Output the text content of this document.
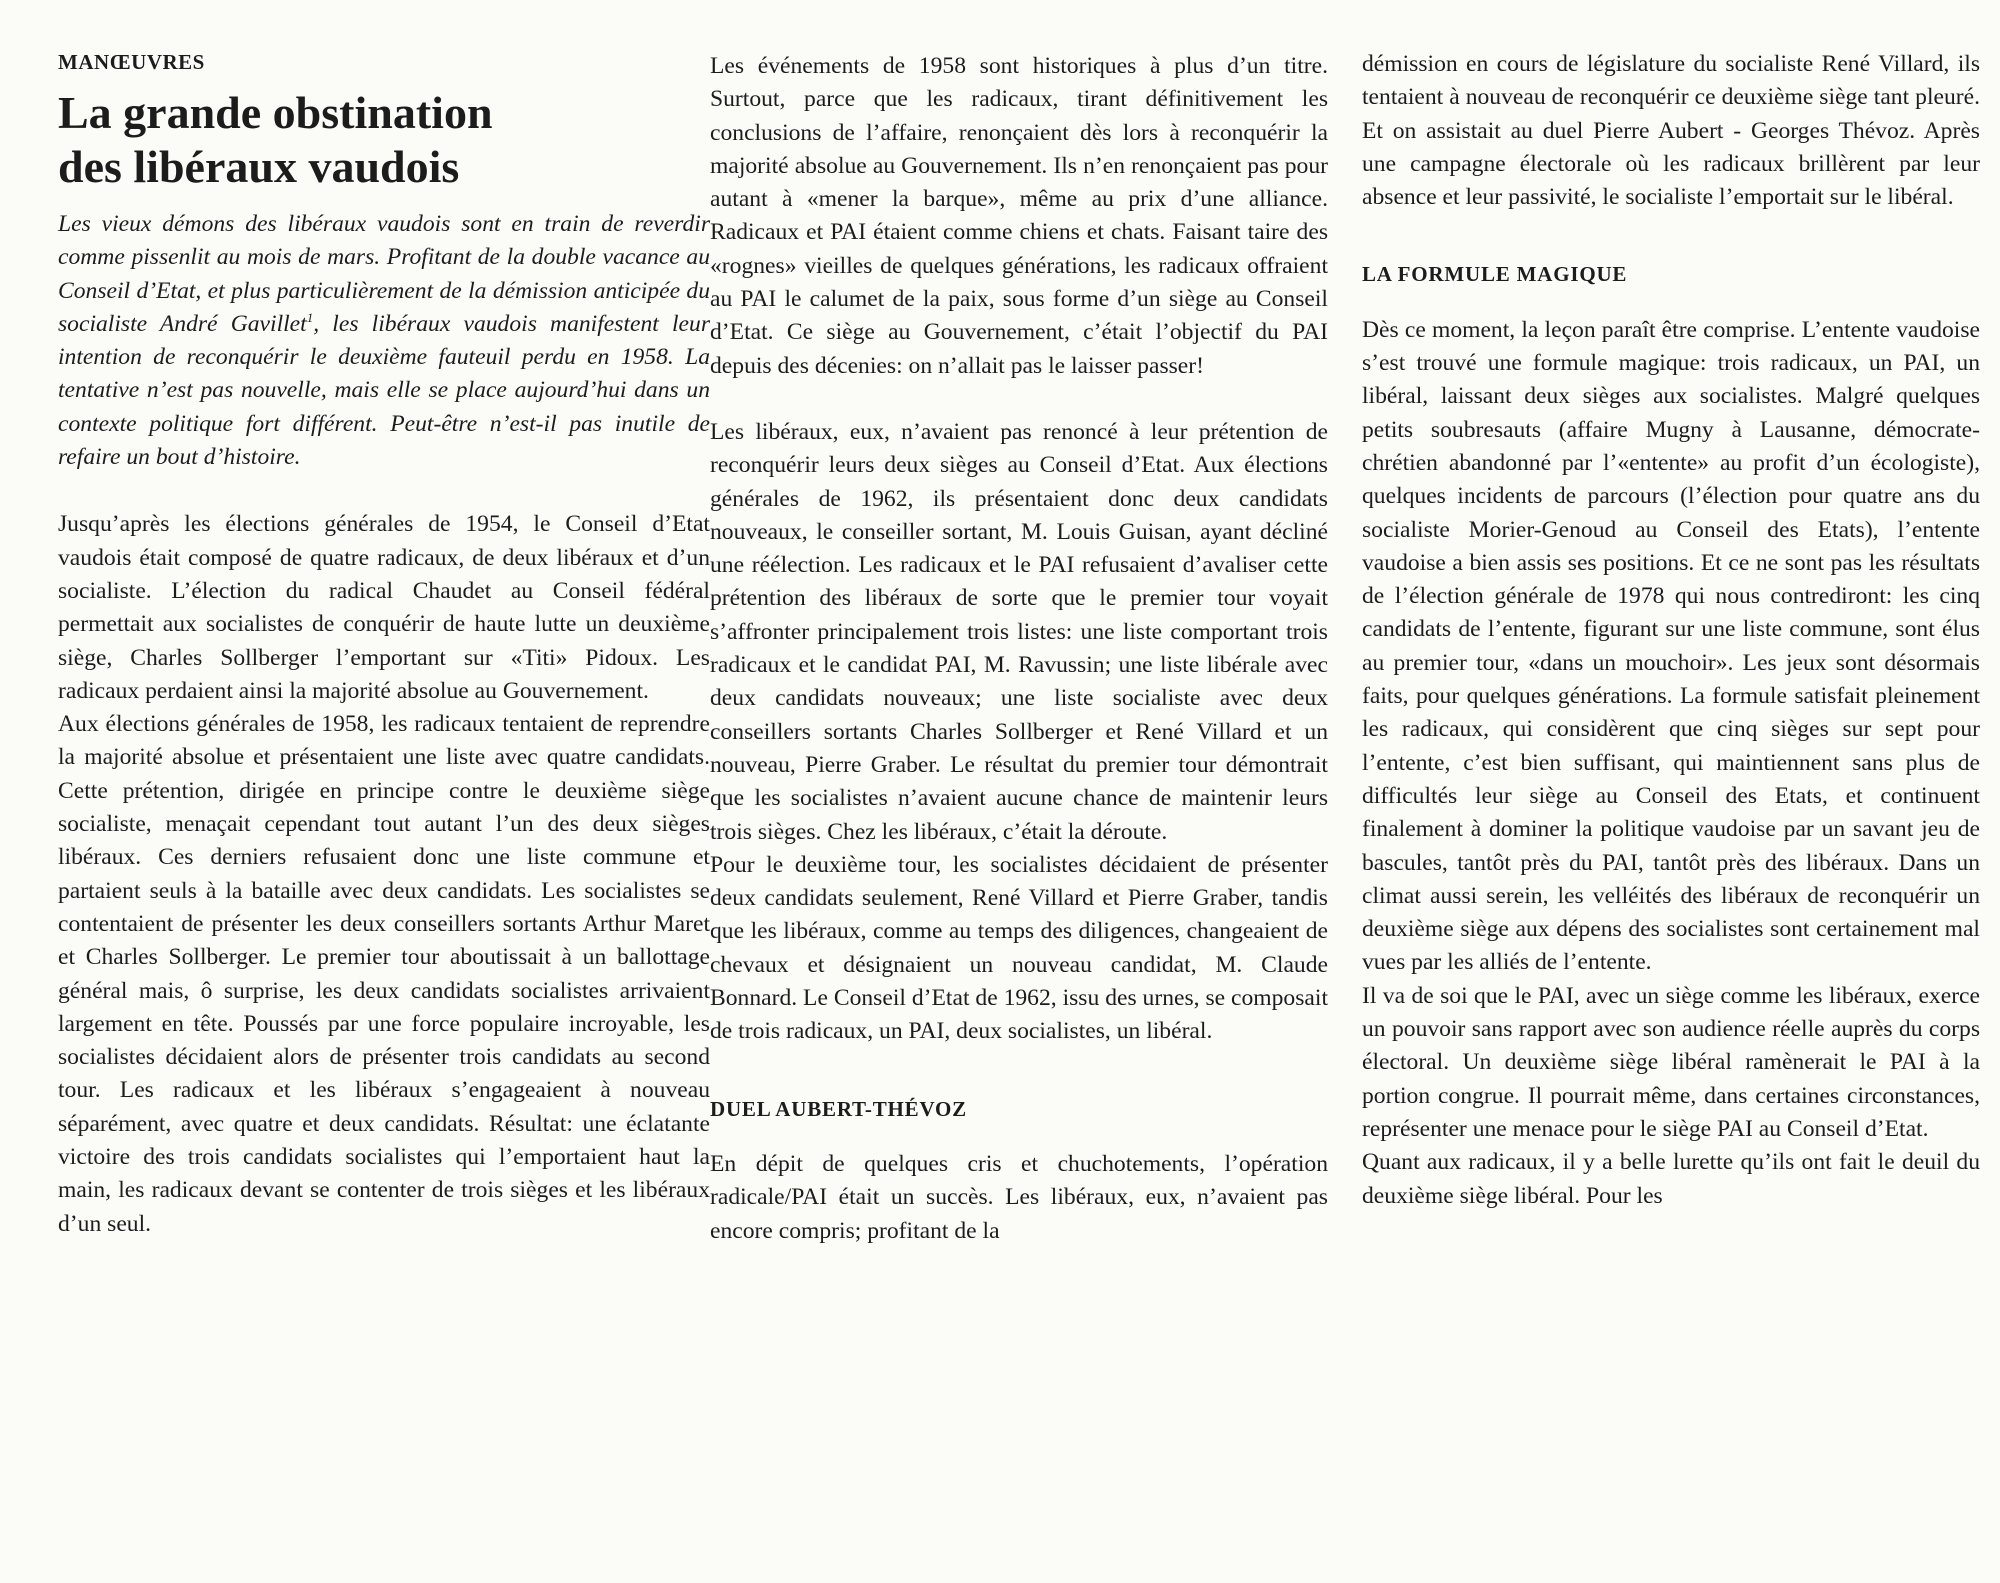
MANŒUVRES
La grande obstination
des libéraux vaudois

Les vieux démons des libéraux vaudois sont en train de reverdir comme pissenlit au mois de mars. Profitant de la double vacance au Conseil d’Etat, et plus particulièrement de la démission anticipée du socialiste André Gavillet$^1$, les libéraux vaudois manifestent leur intention de reconquérir le deuxième fauteuil perdu en 1958. La tentative n’est pas nouvelle, mais elle se place aujourd’hui dans un contexte politique fort différent. Peut-être n’est-il pas inutile de refaire un bout d’histoire.

Jusqu’après les élections générales de 1954, le Conseil d’Etat vaudois était composé de quatre radicaux, de deux libéraux et d’un socialiste. L’élection du radical Chaudet au Conseil fédéral permettait aux socialistes de conquérir de haute lutte un deuxième siège, Charles Sollberger l’emportant sur «Titi» Pidoux. Les radicaux perdaient ainsi la majorité absolue au Gouvernement.

Aux élections générales de 1958, les radicaux tentaient de reprendre la majorité absolue et présentaient une liste avec quatre candidats. Cette prétention, dirigée en principe contre le deuxième siège socialiste, menaçait cependant tout autant l’un des deux sièges libéraux. Ces derniers refusaient donc une liste commune et partaient seuls à la bataille avec deux candidats. Les socialistes se contentaient de présenter les deux conseillers sortants Arthur Maret et Charles Sollberger. Le premier tour aboutissait à un ballottage général mais, ô surprise, les deux candidats socialistes arrivaient largement en tête. Poussés par une force populaire incroyable, les socialistes décidaient alors de présenter trois candidats au second tour. Les radicaux et les libéraux s’engageaient à nouveau séparément, avec quatre et deux candidats. Résultat: une éclatante victoire des trois candidats socialistes qui l’emportaient haut la main, les radicaux devant se contenter de trois sièges et les libéraux d’un seul.

Les événements de 1958 sont historiques à plus d’un titre. Surtout, parce que les radicaux, tirant définitivement les conclusions de l’affaire, renonçaient dès lors à reconquérir la majorité absolue au Gouvernement. Ils n’en renonçaient pas pour autant à «mener la barque», même au prix d’une alliance. Radicaux et PAI étaient comme chiens et chats. Faisant taire des «rognes» vieilles de quelques générations, les radicaux offraient au PAI le calumet de la paix, sous forme d’un siège au Conseil d’Etat. Ce siège au Gouvernement, c’était l’objectif du PAI depuis des décenies: on n’allait pas le laisser passer!

Les libéraux, eux, n’avaient pas renoncé à leur prétention de reconquérir leurs deux sièges au Conseil d’Etat. Aux élections générales de 1962, ils présentaient donc deux candidats nouveaux, le conseiller sortant, M. Louis Guisan, ayant décliné une réélection. Les radicaux et le PAI refusaient d’avaliser cette prétention des libéraux de sorte que le premier tour voyait s’affronter principalement trois listes: une liste comportant trois radicaux et le candidat PAI, M. Ravussin; une liste libérale avec deux candidats nouveaux; une liste socialiste avec deux conseillers sortants Charles Sollberger et René Villard et un nouveau, Pierre Graber. Le résultat du premier tour démontrait que les socialistes n’avaient aucune chance de maintenir leurs trois sièges. Chez les libéraux, c’était la déroute.

Pour le deuxième tour, les socialistes décidaient de présenter deux candidats seulement, René Villard et Pierre Graber, tandis que les libéraux, comme au temps des diligences, changeaient de chevaux et désignaient un nouveau candidat, M. Claude Bonnard. Le Conseil d’Etat de 1962, issu des urnes, se composait de trois radicaux, un PAI, deux socialistes, un libéral.

DUEL AUBERT-THÉVOZ

En dépit de quelques cris et chuchotements, l’opération radicale/PAI était un succès. Les libéraux, eux, n’avaient pas encore compris; profitant de la

démission en cours de législature du socialiste René Villard, ils tentaient à nouveau de reconquérir ce deuxième siège tant pleuré. Et on assistait au duel Pierre Aubert - Georges Thévoz. Après une campagne électorale où les radicaux brillèrent par leur absence et leur passivité, le socialiste l’emportait sur le libéral.

LA FORMULE MAGIQUE

Dès ce moment, la leçon paraît être comprise. L’entente vaudoise s’est trouvé une formule magique: trois radicaux, un PAI, un libéral, laissant deux sièges aux socialistes. Malgré quelques petits soubresauts (affaire Mugny à Lausanne, démocrate-chrétien abandonné par l’«entente» au profit d’un écologiste), quelques incidents de parcours (l’élection pour quatre ans du socialiste Morier-Genoud au Conseil des Etats), l’entente vaudoise a bien assis ses positions. Et ce ne sont pas les résultats de l’élection générale de 1978 qui nous contrediront: les cinq candidats de l’entente, figurant sur une liste commune, sont élus au premier tour, «dans un mouchoir». Les jeux sont désormais faits, pour quelques générations. La formule satisfait pleinement les radicaux, qui considèrent que cinq sièges sur sept pour l’entente, c’est bien suffisant, qui maintiennent sans plus de difficultés leur siège au Conseil des Etats, et continuent finalement à dominer la politique vaudoise par un savant jeu de bascules, tantôt près du PAI, tantôt près des libéraux. Dans un climat aussi serein, les velléités des libéraux de reconquérir un deuxième siège aux dépens des socialistes sont certainement mal vues par les alliés de l’entente.

Il va de soi que le PAI, avec un siège comme les libéraux, exerce un pouvoir sans rapport avec son audience réelle auprès du corps électoral. Un deuxième siège libéral ramènerait le PAI à la portion congrue. Il pourrait même, dans certaines circonstances, représenter une menace pour le siège PAI au Conseil d’Etat.

Quant aux radicaux, il y a belle lurette qu’ils ont fait le deuil du deuxième siège libéral. Pour les
